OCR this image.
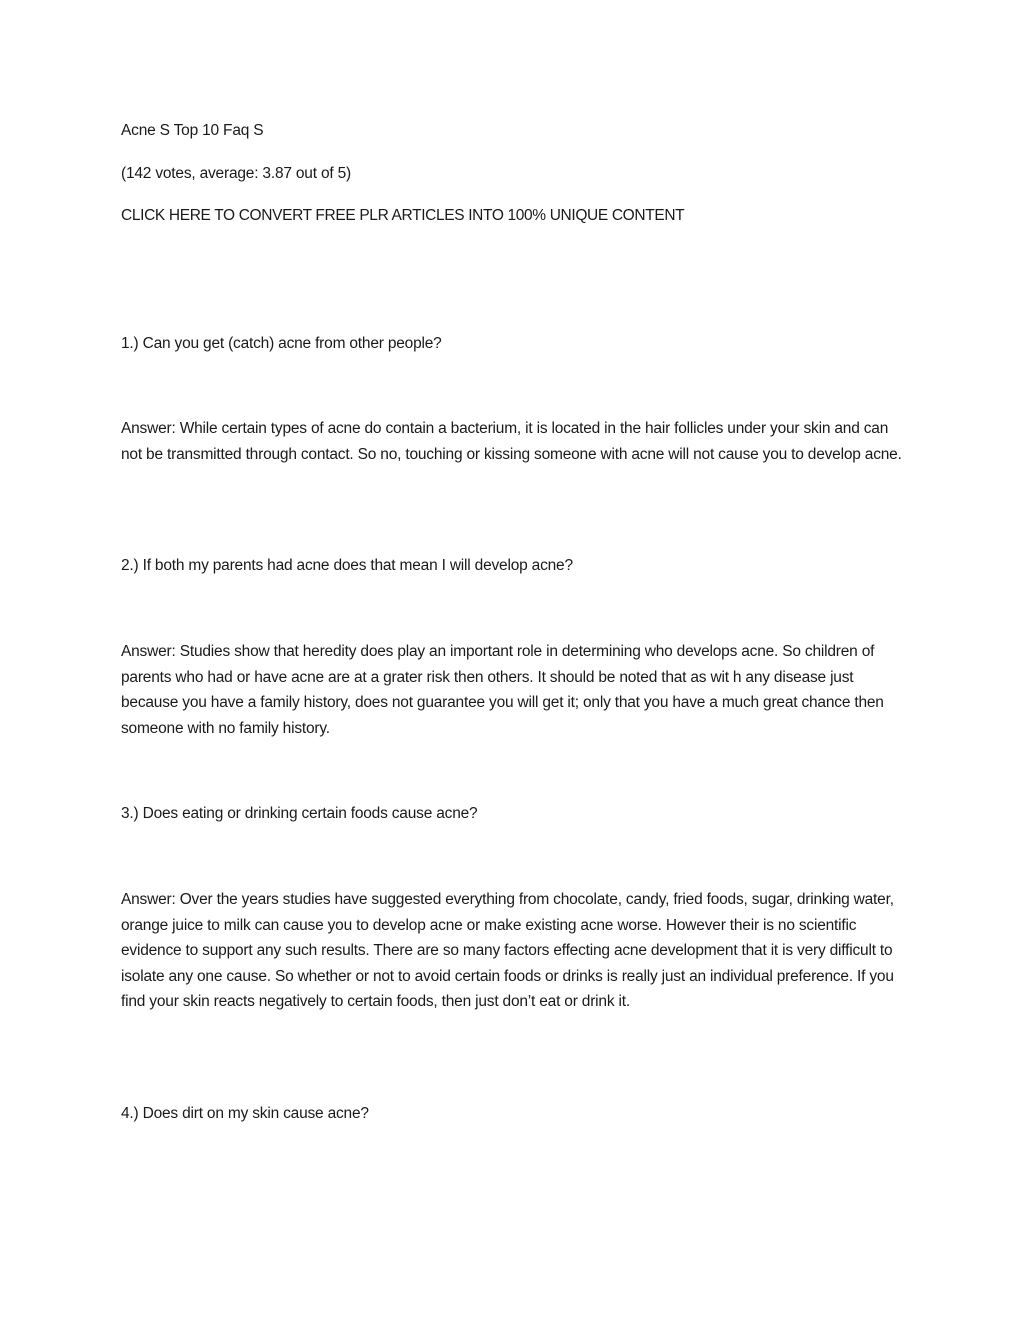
Acne S Top 10 Faq S

(142 votes, average: 3.87 out of 5)

CLICK HERE TO CONVERT FREE PLR ARTICLES INTO 100% UNIQUE CONTENT

1.) Can you get (catch) acne from other people?

Answer: While certain types of acne do contain a bacterium, it is located in the hair follicles under your skin and can not be transmitted through contact. So no, touching or kissing someone with acne will not cause you to develop acne.

2.) If both my parents had acne does that mean I will develop acne?

Answer: Studies show that heredity does play an important role in determining who develops acne. So children of parents who had or have acne are at a grater risk then others. It should be noted that as wit h any disease just because you have a family history, does not guarantee you will get it; only that you have a much great chance then someone with no family history.

3.) Does eating or drinking certain foods cause acne?

Answer: Over the years studies have suggested everything from chocolate, candy, fried foods, sugar, drinking water, orange juice to milk can cause you to develop acne or make existing acne worse. However their is no scientific evidence to support any such results. There are so many factors effecting acne development that it is very difficult to isolate any one cause. So whether or not to avoid certain foods or drinks is really just an individual preference. If you find your skin reacts negatively to certain foods, then just don’t eat or drink it.

4.) Does dirt on my skin cause acne?
